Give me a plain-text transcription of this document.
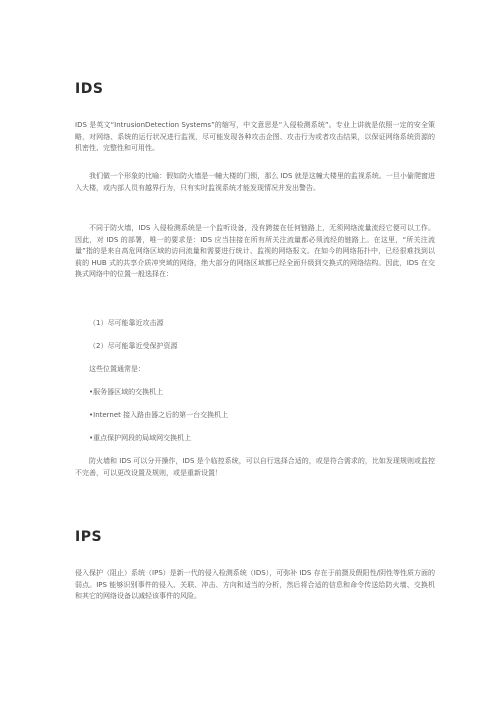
IDS

IDS 是英文“IntrusionDetection Systems”的缩写，中文意思是“入侵检测系统”。专业上讲就是依照一定的安全策略，对网络、系统的运行状况进行监视，尽可能发现各种攻击企图、攻击行为或者攻击结果，以保证网络系统资源的机密性、完整性和可用性。

我们做一个形象的比喻：假如防火墙是一幢大楼的门锁，那么 IDS 就是这幢大楼里的监视系统。一旦小偷爬窗进入大楼，或内部人员有越界行为，只有实时监视系统才能发现情况并发出警告。

不同于防火墙，IDS 入侵检测系统是一个监听设备，没有跨接在任何链路上，无须网络流量流经它便可以工作。因此，对 IDS 的部署，唯一的要求是：IDS 应当挂接在所有所关注流量都必须流经的链路上。在这里，“所关注流量”指的是来自高危网络区域的访问流量和需要进行统计、监视的网络报文。在如今的网络拓扑中，已经很难找到以前的 HUB 式的共享介质冲突域的网络，绝大部分的网络区域都已经全面升级到交换式的网络结构。因此，IDS 在交换式网络中的位置一般选择在：

（1）尽可能靠近攻击源
（2）尽可能靠近受保护资源
这些位置通常是：
•服务器区域的交换机上
•Internet 接入路由器之后的第一台交换机上
•重点保护网段的局域网交换机上

防火墙和 IDS 可以分开操作，IDS 是个临控系统，可以自行选择合适的，或是符合需求的，比如发现规则或监控不完善，可以更改设置及规则，或是重新设置！

IPS

侵入保护（阻止）系统（IPS）是新一代的侵入检测系统（IDS），可弥补 IDS 存在于前摄及假阳性/阴性等性质方面的弱点。IPS 能够识别事件的侵入、关联、冲击、方向和适当的分析，然后将合适的信息和命令传送给防火墙、交换机和其它的网络设备以减轻该事件的风险。
